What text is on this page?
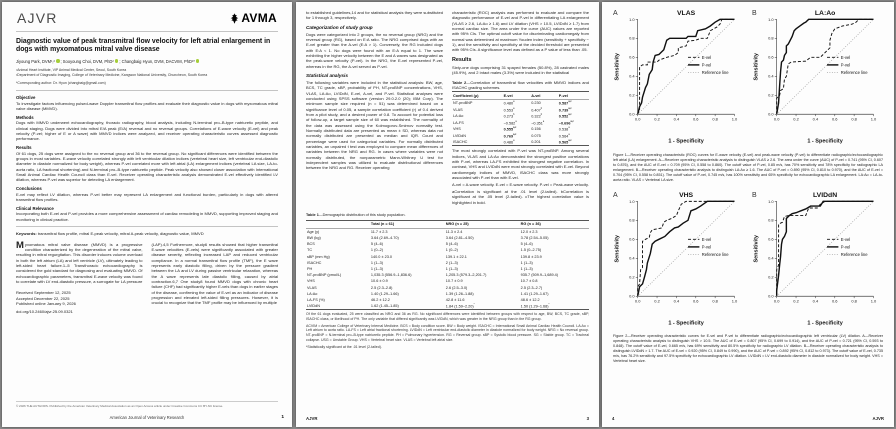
AJVR	AVMA
Diagnostic value of peak transmitral flow velocity for left atrial enlargement in dogs with myxomatous mitral valve disease
Jiyoung Park, DVM¹,² ; Sooyoung Choi, DVM, PhD² ; Changbaig Hyun, DVM, DACVIM, PhD¹*

¹Animal Heart Institute, VIP Animal Medical Center, Seoul, South Korea

²Department of Diagnostic Imaging, College of Veterinary Medicine, Kangwon National University, Chuncheon, South Korea

*Corresponding author: Dr. Hyun (changbaig@gmail.com)

Objective

To investigate factors influencing pulsed-wave Doppler transmitral flow profiles and evaluate their diagnostic value in dogs with myxomatous mitral valve disease (MMVD).

Methods

Dogs with MMVD underwent echocardiography, thoracic radiography, blood analysis, including N-terminal pro–B-type natriuretic peptide, and clinical staging. Dogs were divided into mitral E/A peak (E/A) reversal and no reversal groups. Correlations of E-wave velocity (E-vel) and peak velocity (P-vel; higher of E or A wave) with MMVD indices were analyzed, and receiver operating characteristic curves assessed diagnostic performance.

Results

Of 61 dogs, 25 dogs were assigned to the no reversal group and 36 to the reversal group. No significant differences were identified between the groups in most variables. E-wave velocity correlated strongly with left ventricular dilation indices (vertebral heart size, left ventricular end-diastolic diameter in diastole normalized for body weight), whereas P-vel correlated more with left atrial (LA) enlargement indices (vertebral LA size, LA-to-aorta ratio, LA fractional shortening) and N-terminal pro–B-type natriuretic peptide. Peak velocity also showed closer association with International Small Animal Cardiac Health Council class than E-vel. Receiver operating characteristic analysis demonstrated E-vel effectively identified LV dilation, whereas P-vel was superior for detecting LA enlargement.

Conclusions

E-vel may reflect LV dilation, whereas P-vel better may represent LA enlargement and functional burden, particularly in dogs with altered transmitral flow profiles.

Clinical Relevance

Incorporating both E-vel and P-vel provides a more comprehensive assessment of cardiac remodeling in MMVD, supporting improved staging and monitoring in clinical practice.

Keywords: transmitral flow profile, mitral E-peak velocity, mitral A-peak velocity, diagnostic value, MMVD

Myxomatous mitral valve disease (MMVD) is a progressive condition characterized by the degeneration of the mitral valve, resulting in mitral regurgitation. This disorder induces volume overload in both the left atrium (LA) and left ventricle (LV), ultimately leading to left-sided heart failure.1–5 Transthoracic echocardiography is considered the gold standard for diagnosing and evaluating MMVD. Of echocardiographic parameters, transmitral E-wave velocity was found to correlate with LV end-diastolic pressure, a surrogate for LA pressure

Received September 12, 2025

Accepted December 22, 2025

Published online January 9, 2026

doi.org/10.2460/ajvr.25.09.0321

(LAP).4,5 Furthermore, study6 results showed that higher transmitral E-wave velocities (E-vels) were significantly associated with greater disease severity, reflecting increased LAP and reduced ventricular compliance. In a normal transmitral flow profile (TMF), the E wave represents early diastolic filling, driven by the pressure gradient between the LA and LV during passive ventricular relaxation, whereas the A wave represents late diastolic filling, caused by atrial contraction.6,7 One study8 found MMVD dogs with chronic heart failure (CHF) had significantly higher E-vels than dogs in earlier stages of the disease, confirming the value of E-vel as an indicator of disease progression and elevated left-sided filling pressures. However, it is crucial to recognize that the TMF profile may be influenced by multiple

© 2026 THE AUTHORS. Published by the American Veterinary Medical Association as an Open Access article under Creative Commons CC BY-NC license.
American Journal of Veterinary Research	1

to established guidelines,14 and for statistical analysis they were substituted for 1 through 3, respectively.

Categorization of study group

Dogs were categorized into 2 groups, the no reversal group (NRG) and the reversal group (RG), based on E:A ratio. The NRG comprised dogs with an E-vel greater than the A-vel (E:A > 1). Conversely, the RG included dogs with E:A < 1. No dogs were found with an E:A equal to 1. The wave exhibiting the higher velocity between the E and A waves was designated as the peak-wave velocity (P-vel). In the NRG, the E-vel represented P-vel, whereas in the RG, the A-vel served as P-vel.

Statistical analysis

The following variables were included in the statistical analysis: BW, age, BCS, TC grade, sBP, probability of PH, NT-proBNP concentrations, VHS, VLAS, LA:Ao, LVIDdN, E-vel, A-vel, and P-vel. Statistical analyses were conducted using SPSS software (version 29.0.2.0 (20); IBM Corp). The minimum sample size required (n = 51) was determined based on a significance level of 0.05, a sample correlation coefficient (r) of 0.4 derived from a pilot study, and a desired power of 0.8. To account for potential loss of follow-up, a target sample size of 60 was established. The normality of the data was assessed using the Kolmogorov-Smirnov normality test. Normally distributed data are presented as mean ± SD, whereas data not normally distributed are presented as median and IQR. Count and percentage were used for categorical variables. For normally distributed variables, an unpaired t test was employed to compare mean differences of variables between the NRG and RG. In cases where variables were not normally distributed, the nonparametric Mann-Whitney U test for independent samples was utilized to evaluate distributional differences between the NRG and RG. Receiver operating

characteristic (ROC) analysis was performed to evaluate and compare the diagnostic performance of E-vel and P-vel in differentiating LA enlargement (VLAS ≥ 2.6, LA:Ao ≥ 1.6) and LV dilation (VHS > 10.5, LVIDdN ≥ 1.7) from normal cardiac size. The area under the curve (AUC) values are reported with 95% CIs. The optimal cutoff value for discriminating cardiomegaly from normal was determined at maximum Youden index (sensitivity + specificity − 1), and the sensitivity and specificity at the decided threshold are presented with 95% CIs. A significance level was defined as a P value of less than .05.

Results

Sixty-one dogs comprising 31 spayed females (50.8%), 28 castrated males (45.9%), and 2 intact males (3.3%) were included in the statistical

Table 2—Correlation of transmitral flow velocities with MMVD indices and ISACHC grading schemes.

Coefficient (ρ)	E-vel	A-vel	P-vel
NT-proBNP	0.480$^a$	0.230	0.587$^{a,c}$
VLAS	0.553$^a$	0.407$^b$	0.739$^{a,c}$
LA:Ao	0.273$^b$	0.322$^b$	0.552$^{a,c}$
LA-FS	−0.582$^a$	−0.351$^a$	$-0.696^{a,c}$
VHS	0.555$^{a,c}$	0.156	0.538$^a$
LVIDdN	0.769$^{a,c}$	0.075	0.564$^a$
ISACHC	0.486$^a$	0.201	0.565$^{a,c}$

The most strongly correlated with P-vel was NT-proBNP. Among several indices, VLAS and LA:Ao demonstrated the strongest positive correlations with P-vel, whereas LA-FS exhibited the strongest negative correlation. In contrast, VHS and LVIDdN were most strongly correlated with E-vel. Beyond cardiomegaly indices of MMVD, ISACHC class was more strongly associated with P-vel than with E-vel.

A-vel = A-wave velocity. E-vel = E-wave velocity. P-vel = Peak-wave velocity.

aCorrelation is significant at the .01 level (2-tailed). bCorrelation is significant at the .05 level (2-tailed). cThe highest correlation value is highlighted in bold.

Table 1—Demographic distribution of this study population.

	Total (n = 61)	NRG (n = 25)	RG (n = 36)
Age (y)	11.7 ± 2.3	11.3 ± 2.4	12.0 ± 2.3
BW (kg)	3.64 (2.69–4.70)	3.64 (2.81–4.50)	3.78 (2.54–5.05)
BCS	5 (4–6)	5 (4–6)	5 (4–6)
TC	1 (0–2)	1 (0–2)	1.5 (0–2.75)
sBP (mm Hg)	140.0 ± 23.0	139.1 ± 22.1	139.8 ± 23.9
ISACHC	1 (1–3)	2 (1–3)	1 (1–3)
PH	1 (1–3)	1 (1–3)	1 (1–3)
NT-proBNP (pmol/L)	1,035.3 (556.9–1,836.6)	1,205.3 (579.3–2,201.7)	935.7 (509.9–1,689.4)
VHS	10.6 ± 0.9	10.7 ± 0.9	10.7 ± 0.8
VLAS	2.5 (2.3–2.8)	2.6 (2.5–3.0)	2.5 (2.3–2.7)
LA:Ao	1.40 (1.29–1.66)	1.39 (1.26–1.88)	1.41 (1.29–1.67)
LA-FS (%)	46.2 ± 12.2	42.8 ± 11.6	48.6 ± 12.2
LVIDdN	1.62 (1.45–1.85)	1.84 (1.59–2.20)*	1.50 (1.29–1.68)*

Of the 61 dogs evaluated, 25 were classified as NRG and 36 as RG. No significant differences were identified between groups with respect to age, BW, BCS, TC grade, sBP, ISACHC class, or likelihood of PH. The only variable that differed significantly was LVIDdN, which was greater in the NRG group than in the RG group.

ACVIM = American College of Veterinary Internal Medicine. BCS = Body condition score. BW = Body weight. ISACHC = International Small Animal Cardiac Health Council. LA:Ao = Left atrium to aorta ratio. LA-FS = Left atrial fractional shortening. LVIDdN = Left ventricular end-diastolic diameter in diastole normalized for body weight. NRG = No reversal group. NT-proBNP = N-terminal pro–B-type natriuretic peptide. PH = Pulmonary hypertension. RG = Reversal group. sBP = Systolic blood pressure. SG = Stable group. TC = Tracheal collapse. USG = Unstable Group. VHS = Vertebral heart size. VLAS = Vertebral left atrial size.

*Statistically significant at the .01 level (2-tailed).

AJVR	3
A	VLAS
0.0	0.2	0.4	0.6	0.8	1.0
0.0
0.2
0.4
0.6
0.8
1.0
1 - Specificity
Sensitivity	E-vel
P-vel
Reference line
B	LA:Ao
0.0	0.2	0.4	0.6	0.8	1.0
0.0
0.2
0.4
0.6
0.8
1.0
1 - Specificity
Sensitivity	E-vel
P-vel
Reference line

Figure 1—Receiver operating characteristic (ROC) curves for E-wave velocity (E-vel) and peak-wave velocity (P-vel) to differentiate radiographic/echocardiographic left atrial (LA) enlargement. A—Receiver operating characteristic analysis to distinguish VLAS ≥ 2.6. The area under the curve (AUC) of P-vel = 0.741 (95% CI, 0.607 to 0.876), and the AUC of E-vel = 0.709 (95% CI, 0.558 to 0.860). The cutoff value of P-vel, 0.85 m/s, has 70% sensitivity and 78% specificity for radiographic LA enlargement. B—Receiver operating characteristic analysis to distinguish LA:Ao ≥ 1.6. The AUC of P-vel = 0.890 (95% CI, 0.810 to 0.970), and the AUC of E-vel = 0.704 (95% CI, 0.558 to 0.851). The cutoff value of P-vel, 0.745 m/s, has 100% sensitivity and 65% specificity for echocardiographic LA enlargement. LA:Ao = LA-to-aorta ratio. VLAS = Vertebral LA size.

A	VHS
0.0	0.2	0.4	0.6	0.8	1.0
0.0
0.2
0.4
0.6
0.8
1.0
1 - Specificity
Sensitivity	E-vel
P-vel
Reference line
B	LVIDdN
0.0	0.2	0.4	0.6	0.8	1.0
0.0
0.2
0.4
0.6
0.8
1.0
1 - Specificity
Sensitivity	E-vel
P-vel
Reference line

Figure 2—Receiver operating characteristic curves for E-vel and P-vel to differentiate radiographic/echocardiographic left ventricular (LV) dilation. A—Receiver operating characteristic analysis to distinguish VHS > 10.5. The AUC of E-vel = 0.807 (95% CI, 0.699 to 0.914), and the AUC of P-vel = 0.721 (95% CI, 0.593 to 0.848). The cutoff value of E-vel, 0.665 m/s, has 69% sensitivity and 80.5% specificity for radiographic LV dilation. B—Receiver operating characteristic analysis to distinguish LVIDdN > 1.7. The AUC of E-vel = 0.920 (95% CI, 0.849 to 0.990), and the AUC of P-vel = 0.892 (95% CI, 0.812 to 0.973). The cutoff value of E-vel, 0.735 m/s, has 76.2% sensitivity and 97.5% specificity for echocardiographic LV dilation. LVIDdN = LV end-diastolic diameter in diastole normalized for body weight. VHS = Vertebral heart size.

4	AJVR
